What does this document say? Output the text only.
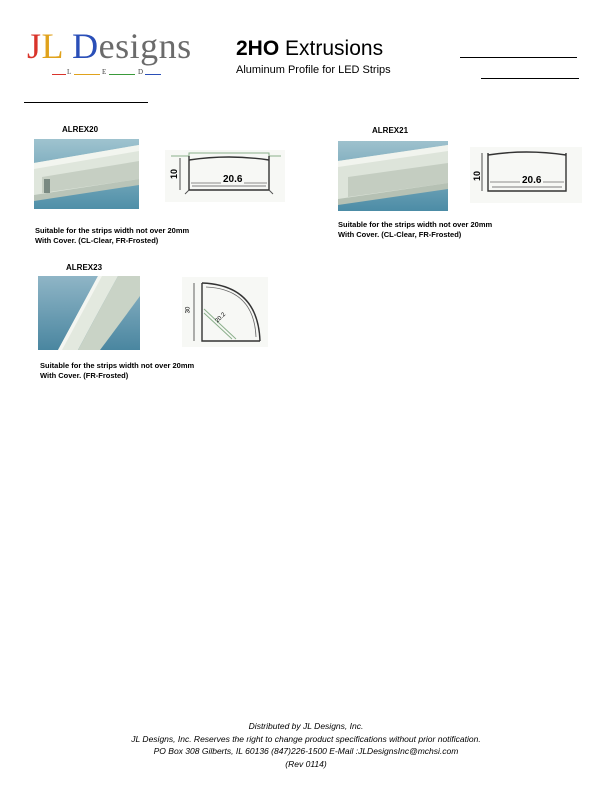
JL Designs
L	E	D
2HO Extrusions
Aluminum Profile for LED Strips
ALREX20
10	20.6
Suitable for the strips width not over 20mm
With Cover. (CL-Clear, FR-Frosted)
ALREX21
10	20.6
Suitable for the strips width not over 20mm
With Cover. (CL-Clear, FR-Frosted)
ALREX23
30
20.2
Suitable for the strips width not over 20mm
With Cover. (FR-Frosted)
Distributed by JL Designs, Inc.
JL Designs, Inc. Reserves the right to change product specifications without prior notification.
PO Box 308 Gilberts, IL 60136 (847)226-1500 E-Mail :JLDesignsInc@mchsi.com
(Rev 0114)
